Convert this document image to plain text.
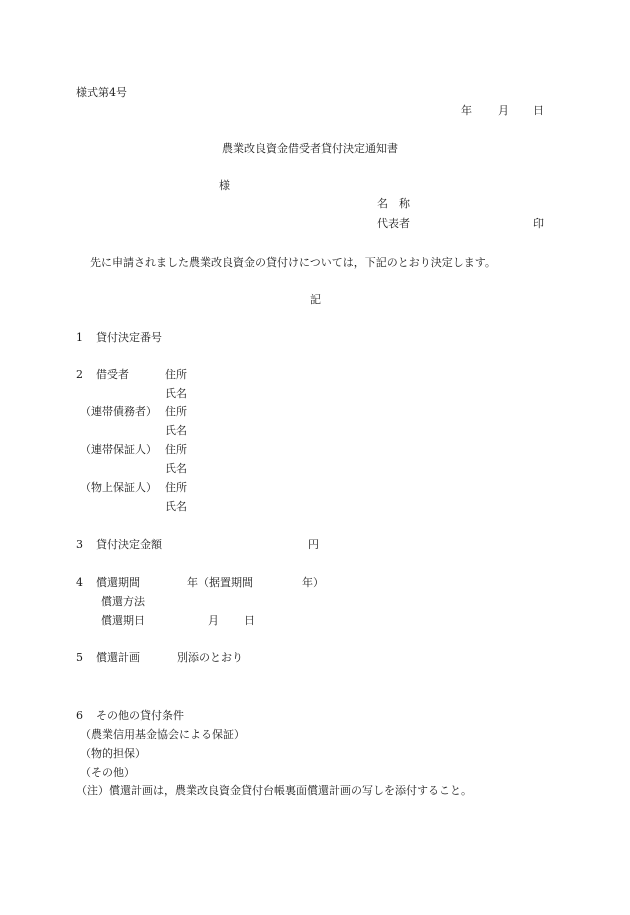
様式第4号
年 月 日
農業改良資金借受者貸付決定通知書
様
名　称
代表者	印
先に申請されました農業改良資金の貸付けについては，下記のとおり決定します。
記
1 貸付決定番号
2 借受者	住所
氏名
（連帯債務者） 住所
氏名
（連帯保証人） 住所
氏名
（物上保証人） 住所
氏名
3 貸付決定金額	円
4 償還期間	年（据置期間	年）
償還方法
償還期日	月 日
5 償還計画	別添のとおり
6 その他の貸付条件
（農業信用基金協会による保証）
（物的担保）
（その他）
（注）償還計画は，農業改良資金貸付台帳裏面償還計画の写しを添付すること。
